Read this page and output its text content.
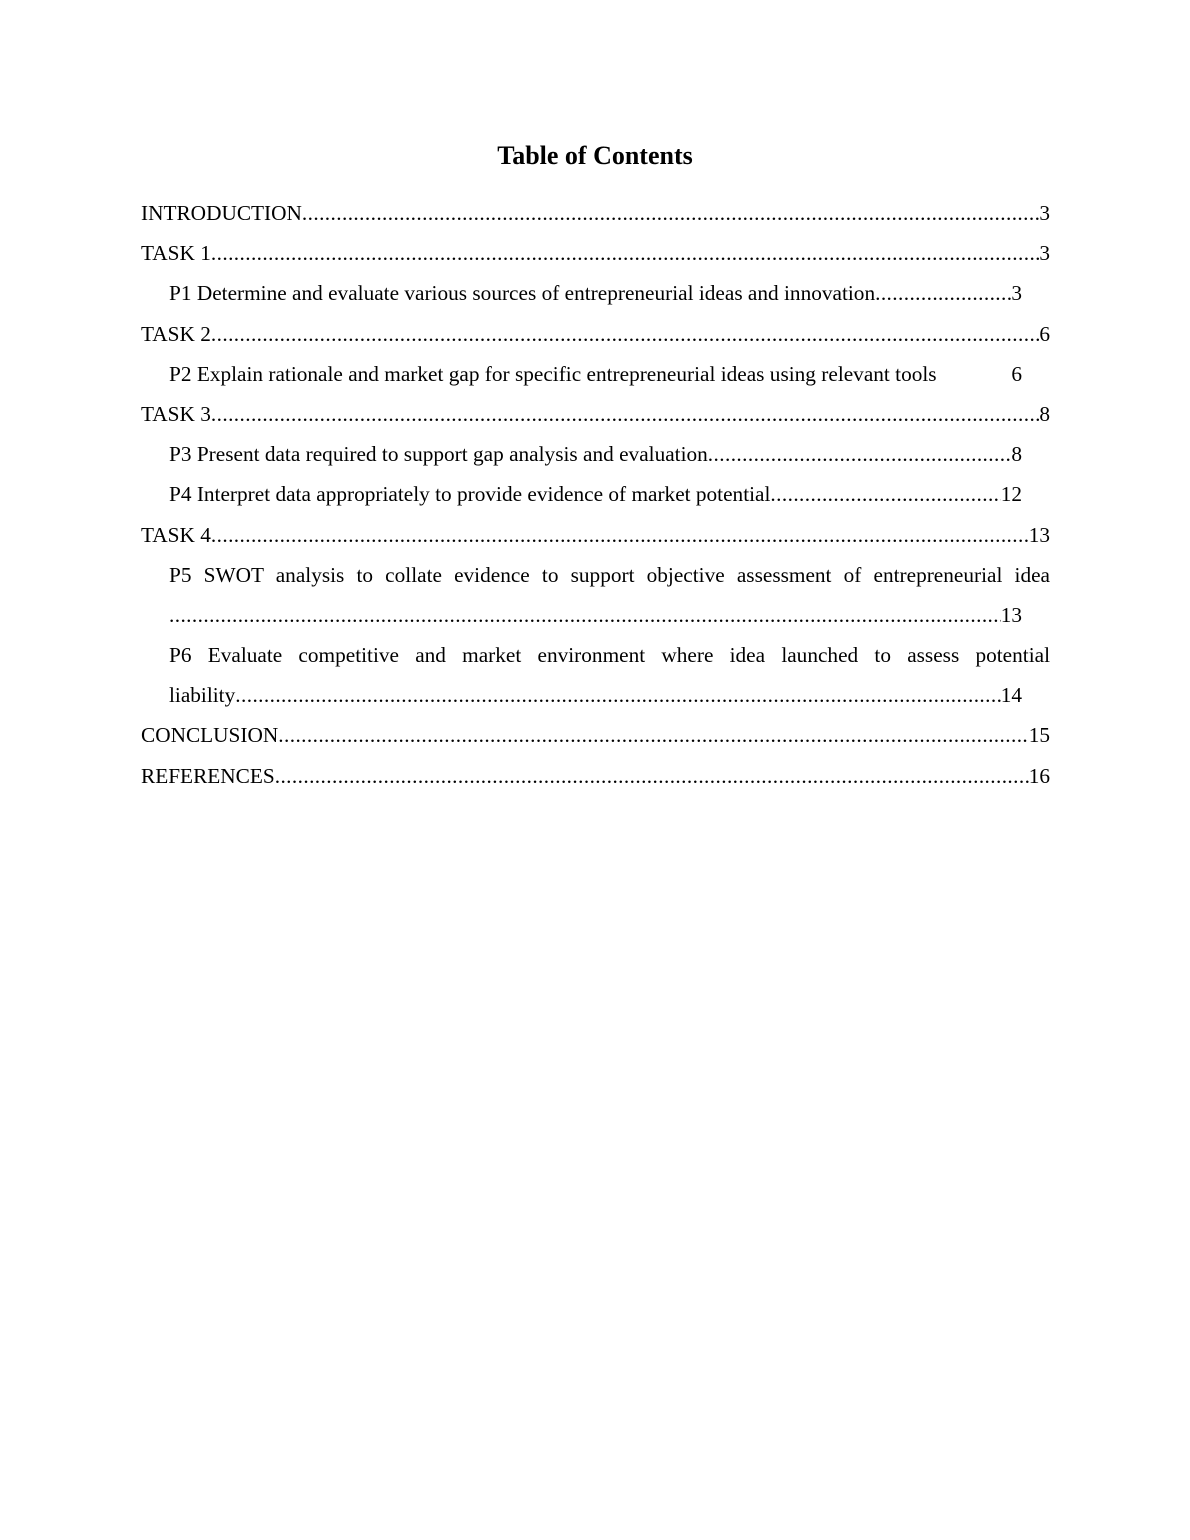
Table of Contents
INTRODUCTION .....	3
TASK 1 .....	3
P1 Determine and evaluate various sources of entrepreneurial ideas and innovation .....	3
TASK 2 .....	6
P2 Explain rationale and market gap for specific entrepreneurial ideas using relevant tools	6
TASK 3 .....	8
P3 Present data required to support gap analysis and evaluation .....	8
P4 Interpret data appropriately to provide evidence of market potential .....	12
TASK 4 .....	13
P5 SWOT analysis to collate evidence to support objective assessment of entrepreneurial idea
.....
13
P6 Evaluate competitive and market environment where idea launched to assess potential
liability .....	14
CONCLUSION .....	15
REFERENCES .....	16
